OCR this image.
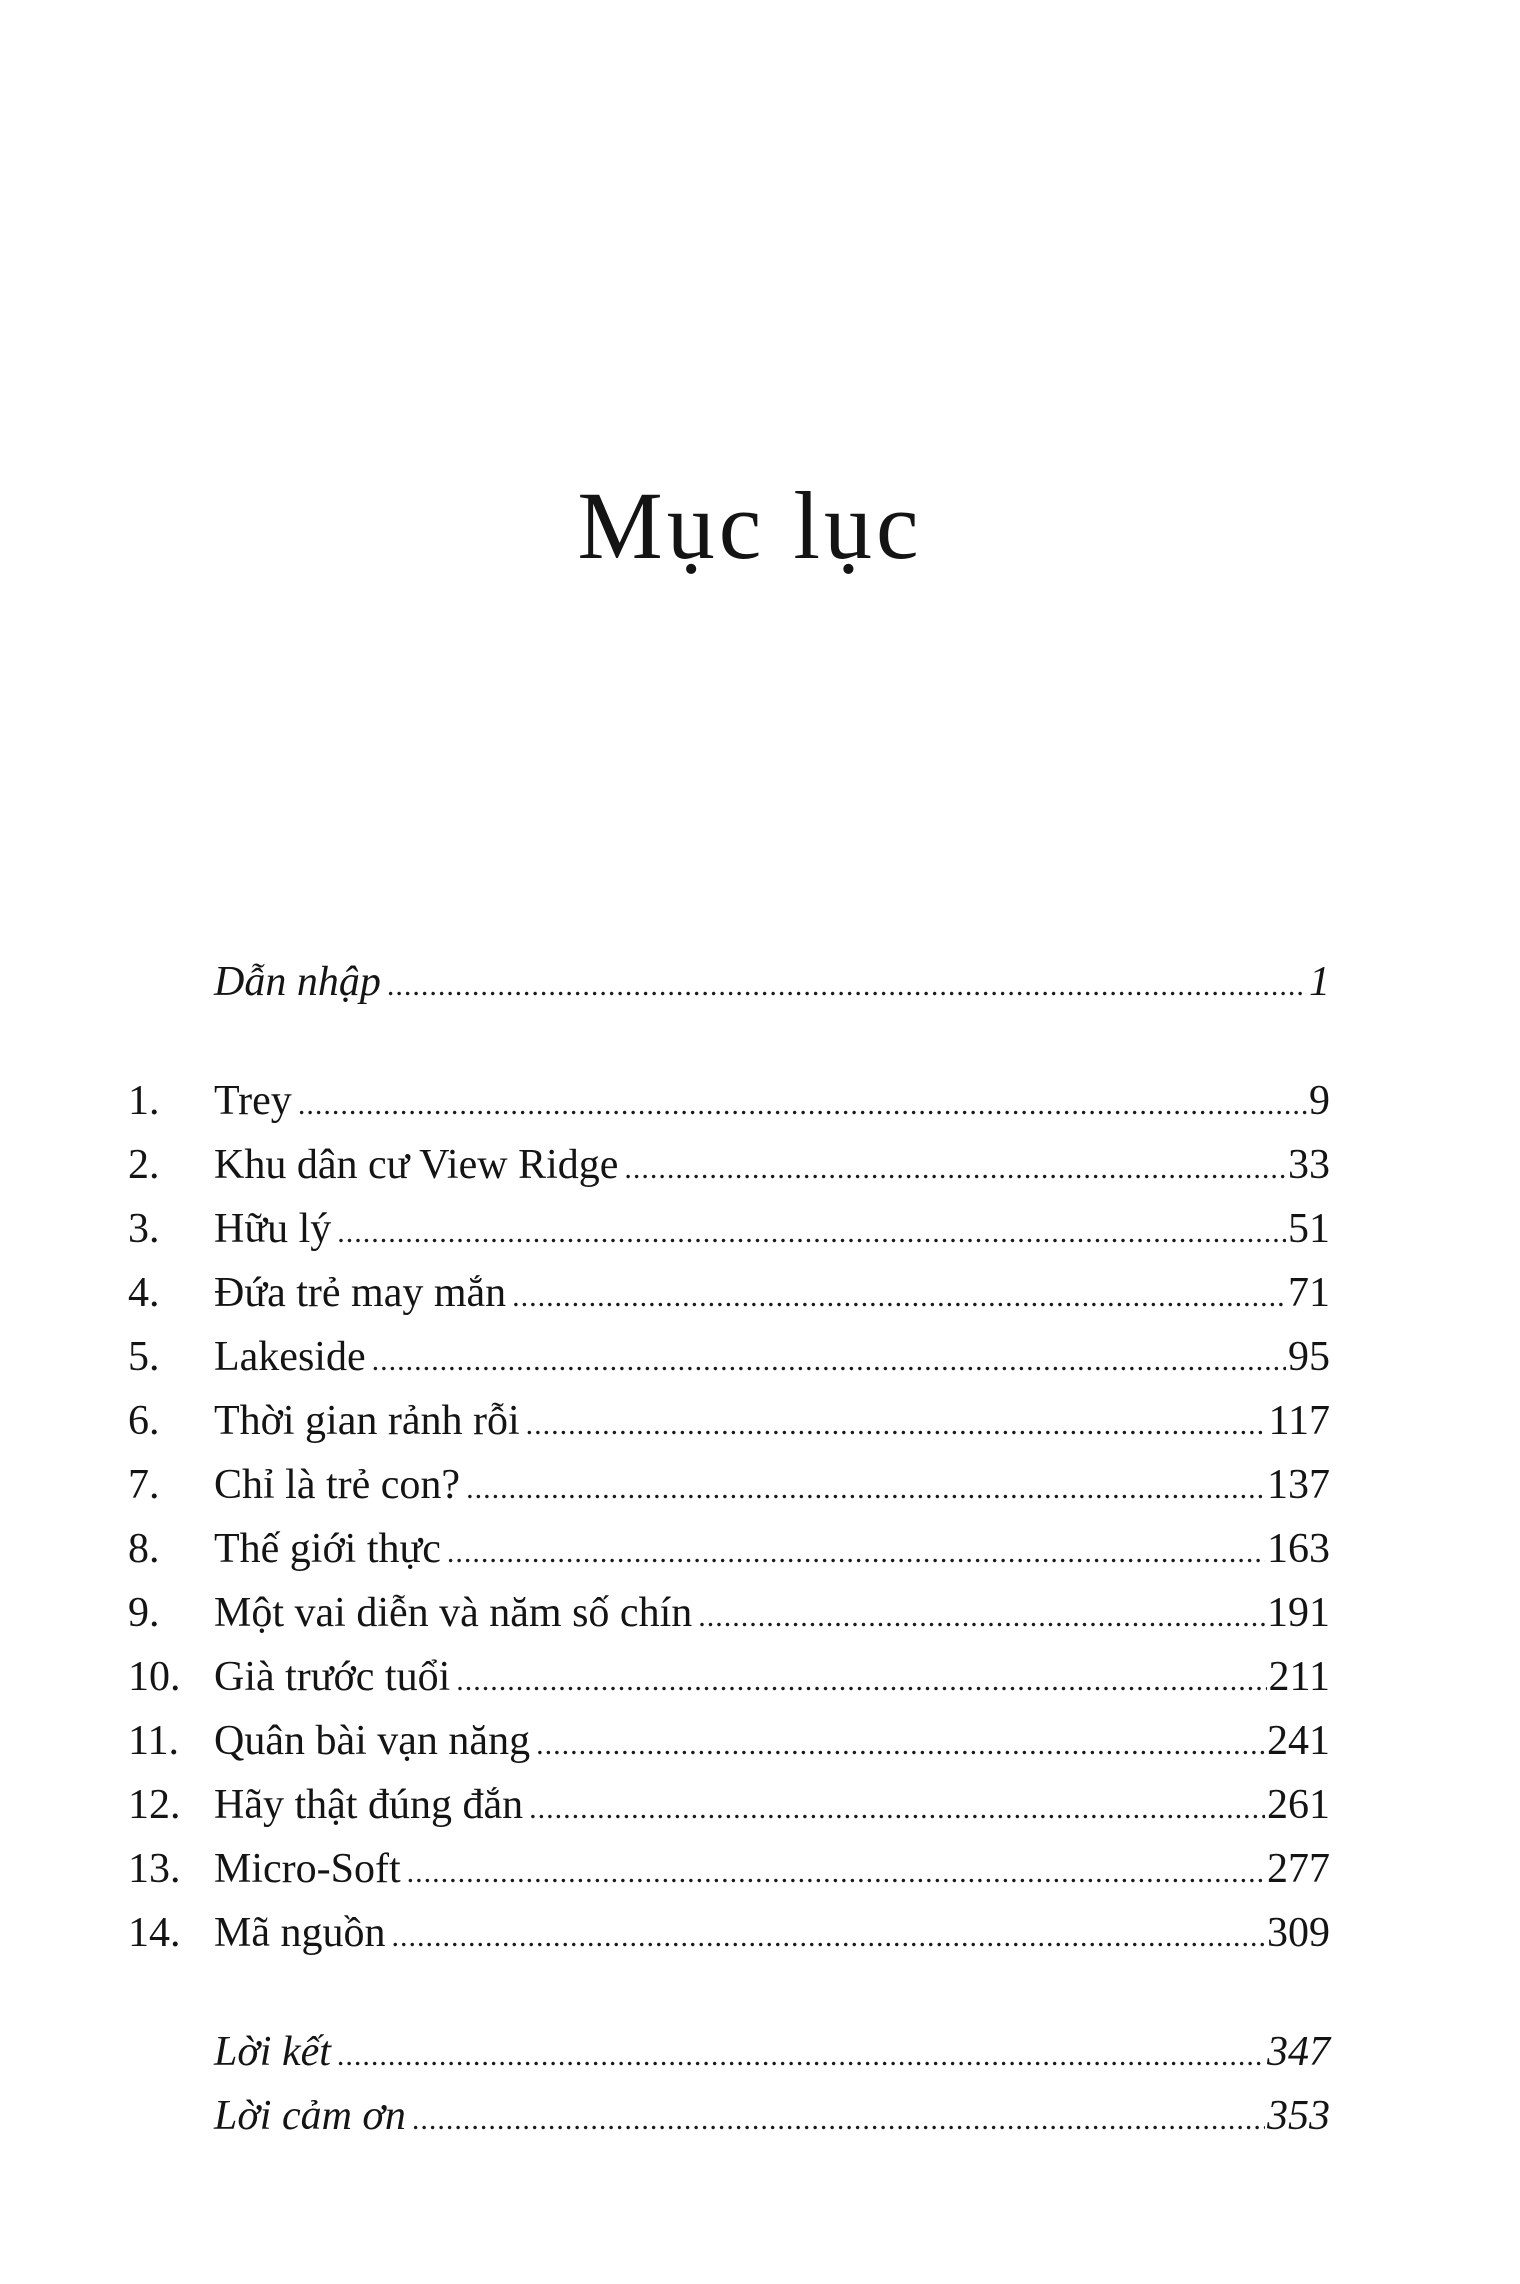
Mục lục
Dẫn nhập .....	1
1.	Trey .....	9
2.	Khu dân cư View Ridge .....	33
3.	Hữu lý .....	51
4.	Đứa trẻ may mắn .....	71
5.	Lakeside .....	95
6.	Thời gian rảnh rỗi .....	117
7.	Chỉ là trẻ con? .....	137
8.	Thế giới thực .....	163
9.	Một vai diễn và năm số chín .....	191
10. Già trước tuổi .....	211
11. Quân bài vạn năng .....	241
12. Hãy thật đúng đắn .....	261
13. Micro-Soft .....	277
14. Mã nguồn .....	309
Lời kết .....	347
Lời cảm ơn .....	353
